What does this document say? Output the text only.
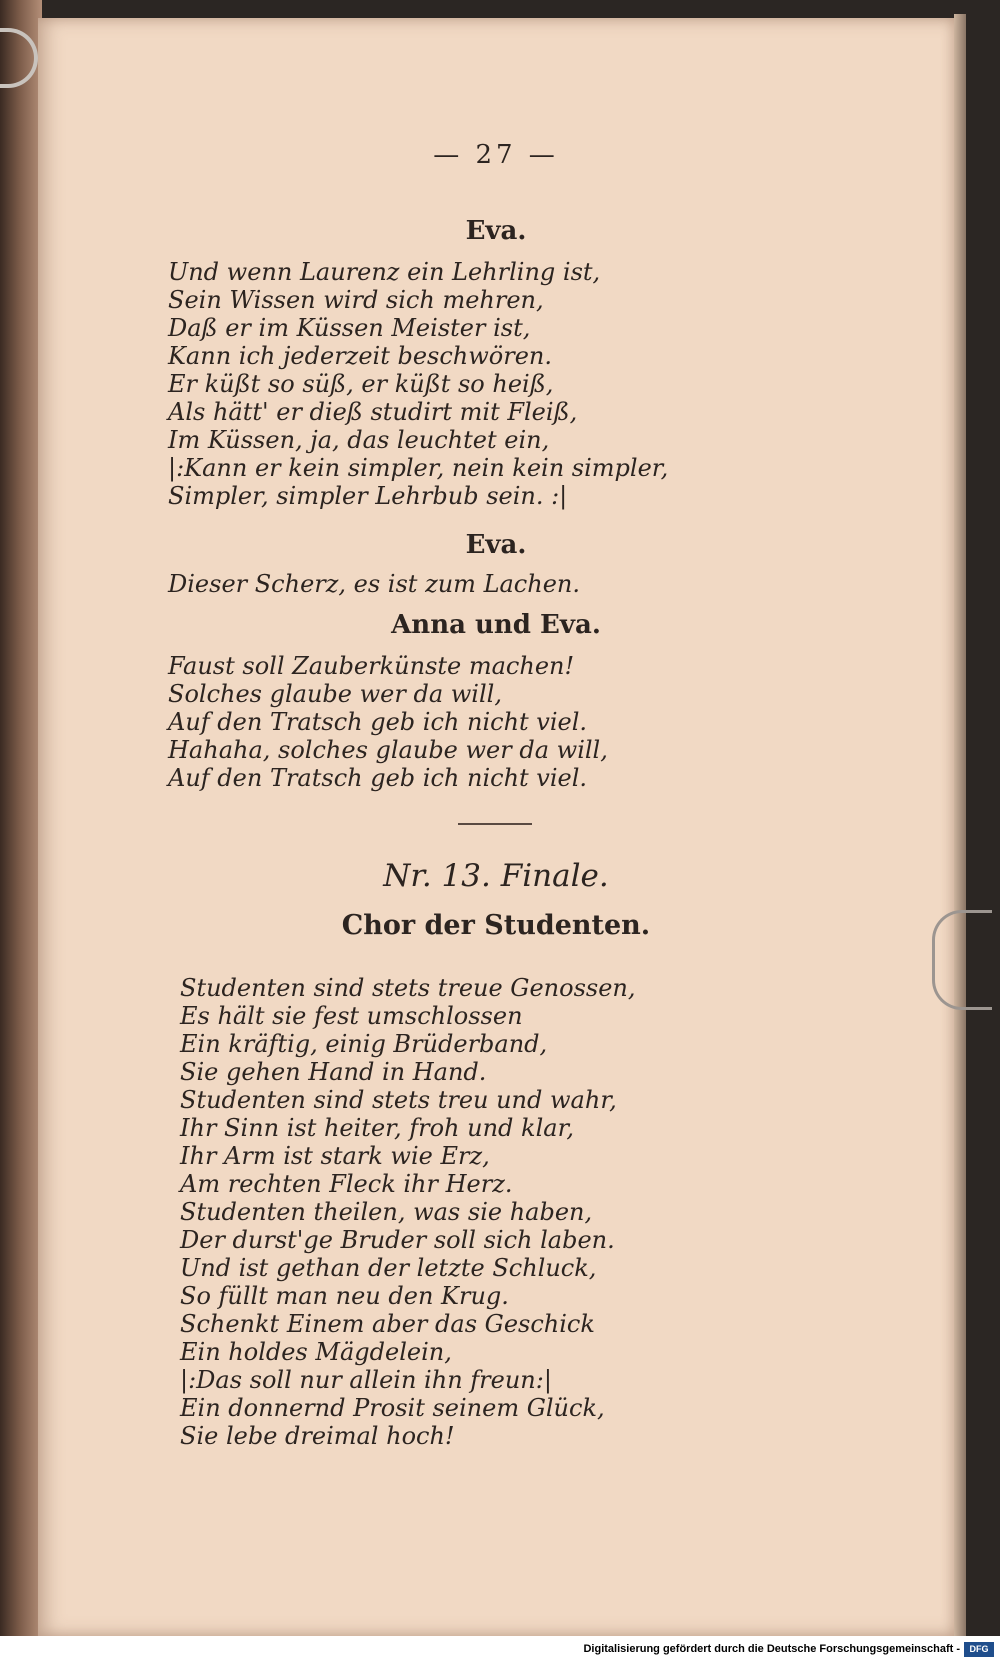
— 27 —
Eva.
Und wenn Laurenz ein Lehrling ist,
Sein Wissen wird sich mehren,
Daß er im Küssen Meister ist,
Kann ich jederzeit beschwören.
Er küßt so süß, er küßt so heiß,
Als hätt' er dieß studirt mit Fleiß,
Im Küssen, ja, das leuchtet ein,
|:Kann er kein simpler, nein kein simpler,
Simpler, simpler Lehrbub sein. :|
Eva.
Dieser Scherz, es ist zum Lachen.
Anna und Eva.
Faust soll Zauberkünste machen!
Solches glaube wer da will,
Auf den Tratsch geb ich nicht viel.
Hahaha, solches glaube wer da will,
Auf den Tratsch geb ich nicht viel.
Nr. 13. Finale.
Chor der Studenten.
Studenten sind stets treue Genossen,
Es hält sie fest umschlossen
Ein kräftig, einig Brüderband,
Sie gehen Hand in Hand.
Studenten sind stets treu und wahr,
Ihr Sinn ist heiter, froh und klar,
Ihr Arm ist stark wie Erz,
Am rechten Fleck ihr Herz.
Studenten theilen, was sie haben,
Der durst'ge Bruder soll sich laben.
Und ist gethan der letzte Schluck,
So füllt man neu den Krug.
Schenkt Einem aber das Geschick
Ein holdes Mägdelein,
|:Das soll nur allein ihn freun:|
Ein donnernd Prosit seinem Glück,
Sie lebe dreimal hoch!
Digitalisierung gefördert durch die Deutsche Forschungsgemeinschaft -	DFG
